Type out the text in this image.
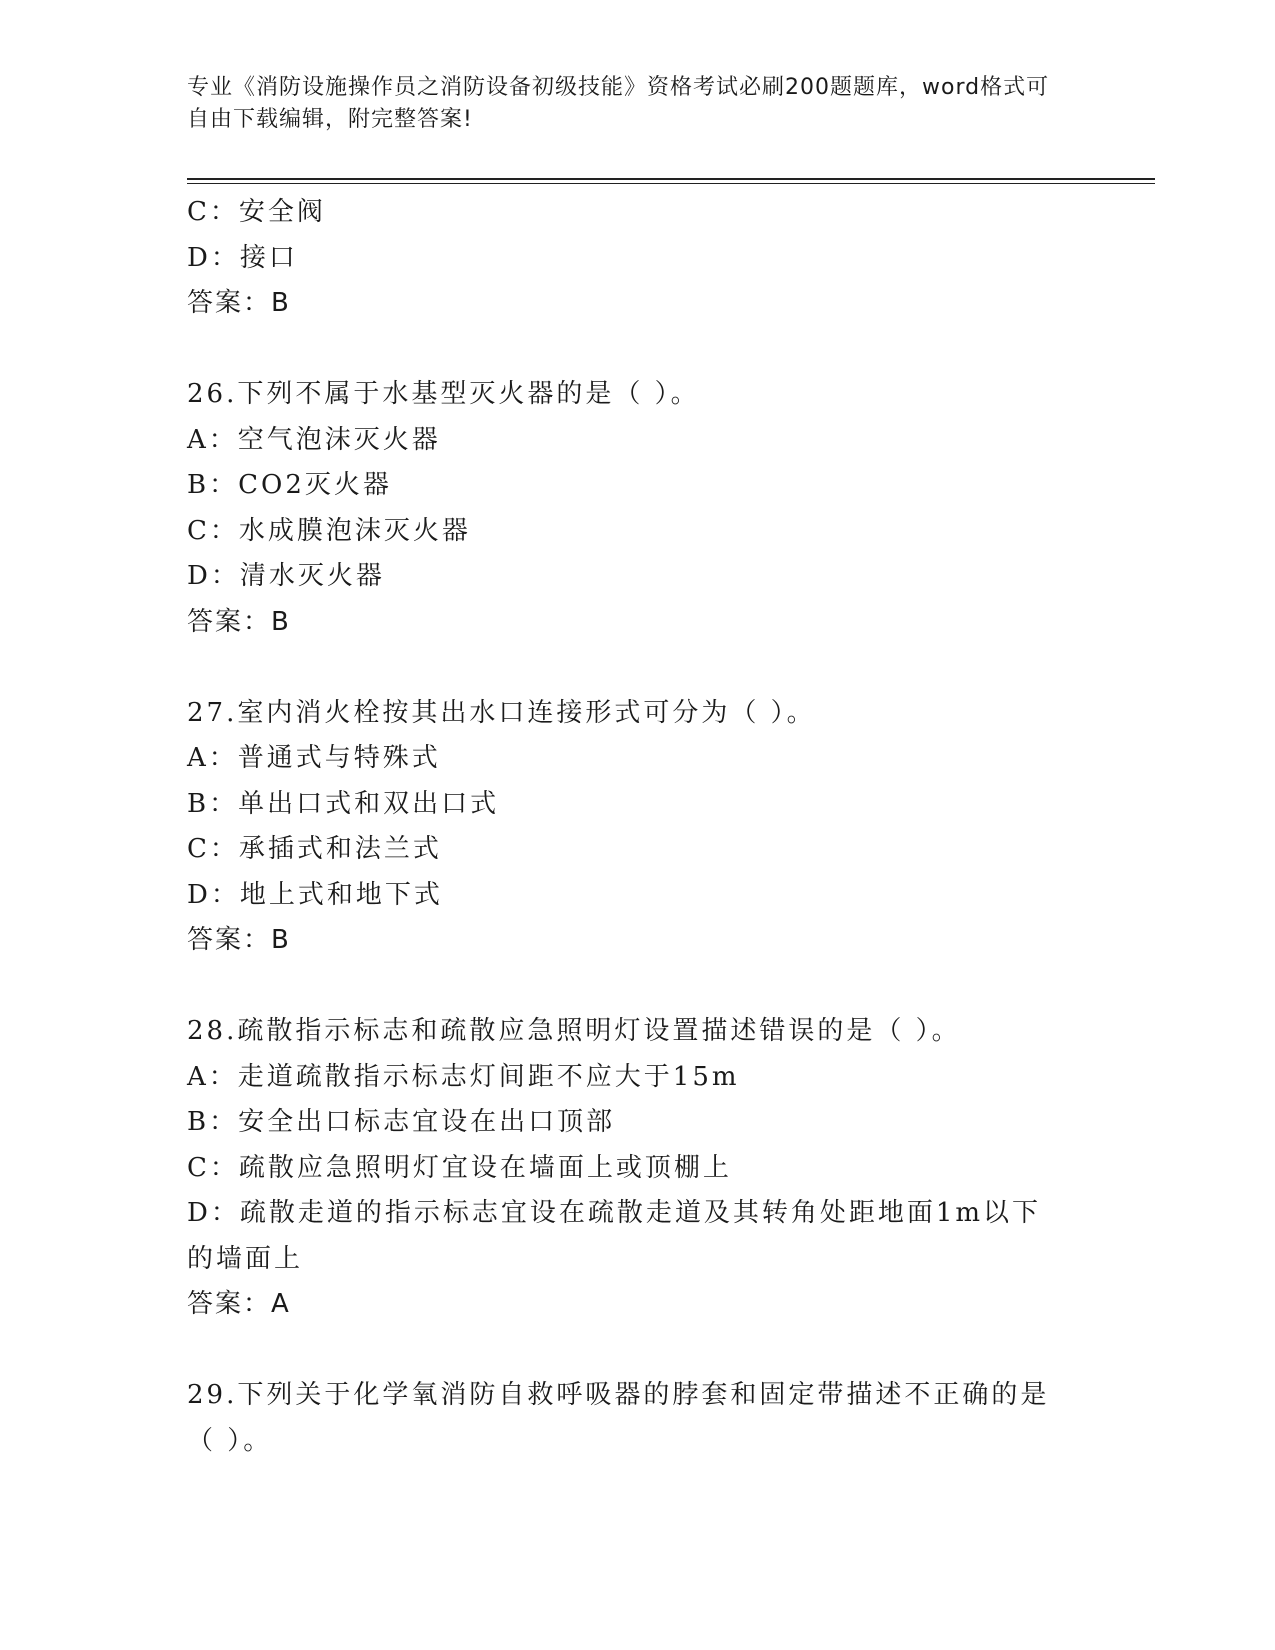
专业《消防设施操作员之消防设备初级技能》资格考试必刷200题题库，word格式可自由下载编辑，附完整答案!
C：安全阀
D：接口
答案：B
26.下列不属于水基型灭火器的是（ ）。
A：空气泡沫灭火器
B：CO2灭火器
C：水成膜泡沫灭火器
D：清水灭火器
答案：B
27.室内消火栓按其出水口连接形式可分为（ ）。
A：普通式与特殊式
B：单出口式和双出口式
C：承插式和法兰式
D：地上式和地下式
答案：B
28.疏散指示标志和疏散应急照明灯设置描述错误的是（ ）。
A：走道疏散指示标志灯间距不应大于15m
B：安全出口标志宜设在出口顶部
C：疏散应急照明灯宜设在墙面上或顶棚上
D：疏散走道的指示标志宜设在疏散走道及其转角处距地面1m以下的墙面上
答案：A
29.下列关于化学氧消防自救呼吸器的脖套和固定带描述不正确的是（ ）。
